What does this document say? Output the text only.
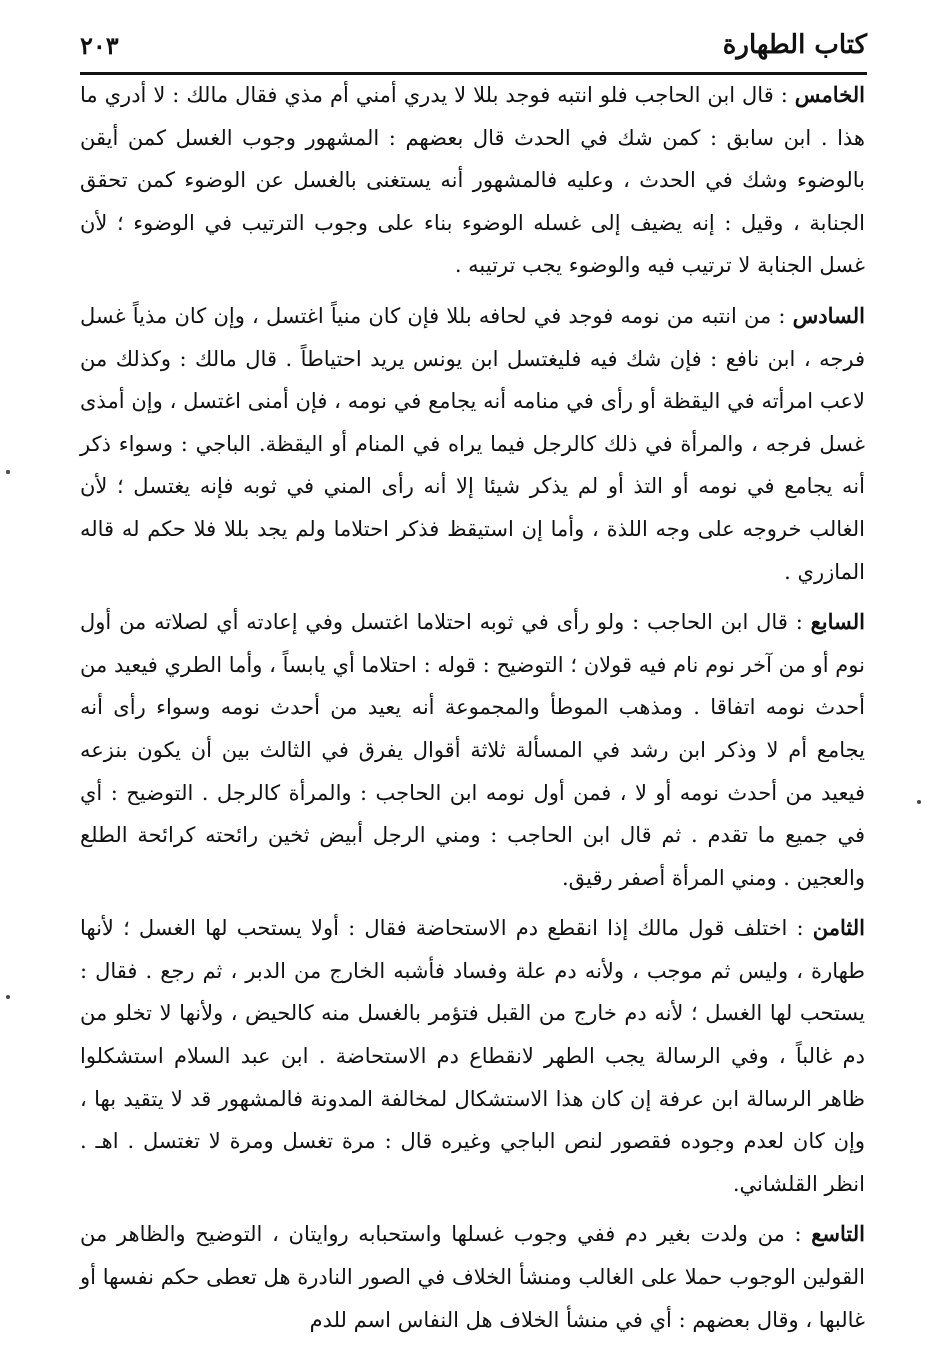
كتاب الطهارة
٢٠٣

الخامس : قال ابن الحاجب فلو انتبه فوجد بللا لا يدري أمني أم مذي فقال مالك : لا أدري ما هذا . ابن سابق : كمن شك في الحدث قال بعضهم : المشهور وجوب الغسل كمن أيقن بالوضوء وشك في الحدث ، وعليه فالمشهور أنه يستغنى بالغسل عن الوضوء كمن تحقق الجنابة ، وقيل : إنه يضيف إلى غسله الوضوء بناء على وجوب الترتيب في الوضوء ؛ لأن غسل الجنابة لا ترتيب فيه والوضوء يجب ترتيبه .

السادس : من انتبه من نومه فوجد في لحافه بللا فإن كان منياً اغتسل ، وإن كان مذياً غسل فرجه ، ابن نافع : فإن شك فيه فليغتسل ابن يونس يريد احتياطاً . قال مالك : وكذلك من لاعب امرأته في اليقظة أو رأى في منامه أنه يجامع في نومه ، فإن أمنى اغتسل ، وإن أمذى غسل فرجه ، والمرأة في ذلك كالرجل فيما يراه في المنام أو اليقظة. الباجي : وسواء ذكر أنه يجامع في نومه أو التذ أو لم يذكر شيئا إلا أنه رأى المني في ثوبه فإنه يغتسل ؛ لأن الغالب خروجه على وجه اللذة ، وأما إن استيقظ فذكر احتلاما ولم يجد بللا فلا حكم له قاله المازري .

السابع : قال ابن الحاجب : ولو رأى في ثوبه احتلاما اغتسل وفي إعادته أي لصلاته من أول نوم أو من آخر نوم نام فيه قولان ؛ التوضيح : قوله : احتلاما أي يابساً ، وأما الطري فيعيد من أحدث نومه اتفاقا . ومذهب الموطأ والمجموعة أنه يعيد من أحدث نومه وسواء رأى أنه يجامع أم لا وذكر ابن رشد في المسألة ثلاثة أقوال يفرق في الثالث بين أن يكون بنزعه فيعيد من أحدث نومه أو لا ، فمن أول نومه ابن الحاجب : والمرأة كالرجل . التوضيح : أي في جميع ما تقدم . ثم قال ابن الحاجب : ومني الرجل أبيض ثخين رائحته كرائحة الطلع والعجين . ومني المرأة أصفر رقيق.

الثامن : اختلف قول مالك إذا انقطع دم الاستحاضة فقال : أولا يستحب لها الغسل ؛ لأنها طهارة ، وليس ثم موجب ، ولأنه دم علة وفساد فأشبه الخارج من الدبر ، ثم رجع . فقال : يستحب لها الغسل ؛ لأنه دم خارج من القبل فتؤمر بالغسل منه كالحيض ، ولأنها لا تخلو من دم غالباً ، وفي الرسالة يجب الطهر لانقطاع دم الاستحاضة . ابن عبد السلام استشكلوا ظاهر الرسالة ابن عرفة إن كان هذا الاستشكال لمخالفة المدونة فالمشهور قد لا يتقيد بها ، وإن كان لعدم وجوده فقصور لنص الباجي وغيره قال : مرة تغسل ومرة لا تغتسل . اهـ . انظر القلشاني.

التاسع : من ولدت بغير دم ففي وجوب غسلها واستحبابه روايتان ، التوضيح والظاهر من القولين الوجوب حملا على الغالب ومنشأ الخلاف في الصور النادرة هل تعطى حكم نفسها أو غالبها ، وقال بعضهم : أي في منشأ الخلاف هل النفاس اسم للدم
